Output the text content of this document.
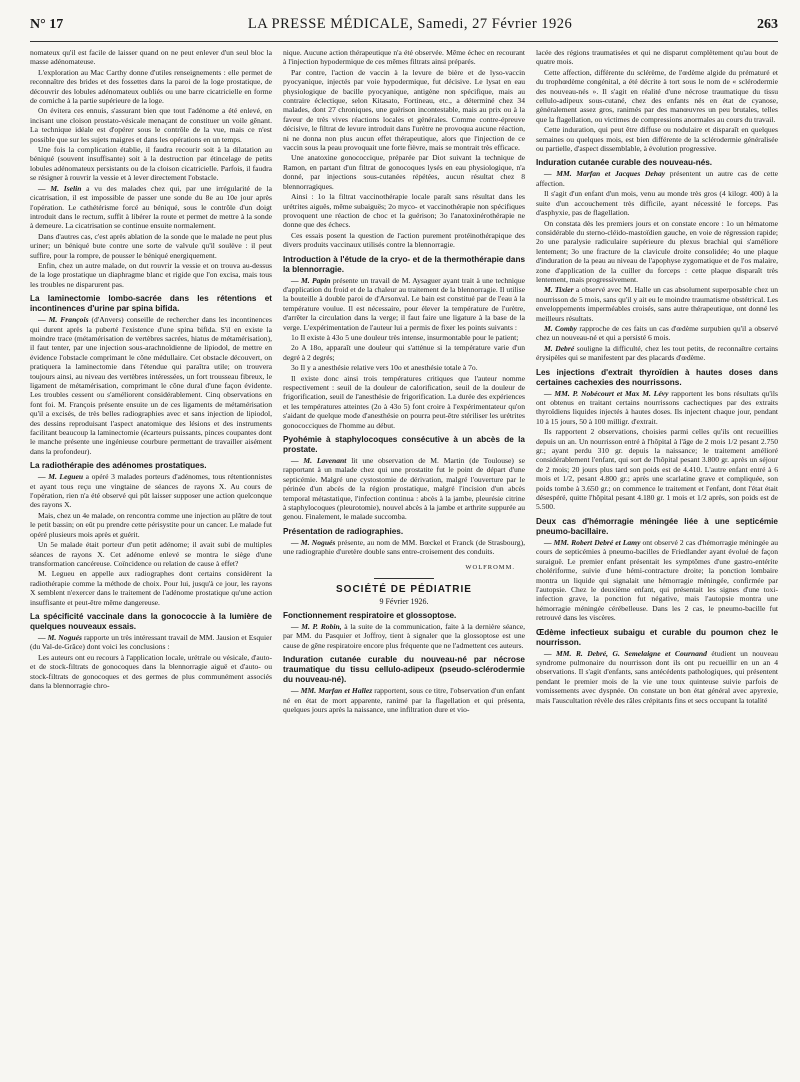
N° 17	LA PRESSE MÉDICALE, Samedi, 27 Février 1926	263

nomateux qu'il est facile de laisser quand on ne peut enlever d'un seul bloc la masse adénomateuse.

L'exploration au Mac Carthy donne d'utiles renseignements : elle permet de reconnaître des brides et des fossettes dans la paroi de la loge prostatique, de découvrir des lobules adénomateux oubliés ou une barre cicatricielle en forme de corniche à la partie supérieure de la loge.

On évitera ces ennuis, s'assurant bien que tout l'adénome a été enlevé, en incisant une cloison prostato-vésicale menaçant de constituer un voile gênant. La technique idéale est d'opérer sous le contrôle de la vue, mais ce n'est possible que sur les sujets maigres et dans les opérations en un temps.

Une fois la complication établie, il faudra recourir soit à la dilatation au béniqué (souvent insuffisante) soit à la destruction par étincelage de petits lobules adénomateux persistants ou de la cloison cicatricielle. Parfois, il faudra se résigner à rouvrir la vessie et à lever directement l'obstacle.

— M. Iselin a vu des malades chez qui, par une irrégularité de la cicatrisation, il est impossible de passer une sonde du 8e au 10e jour après l'opération. Le cathétérisme forcé au béniqué, sous le contrôle d'un doigt introduit dans le rectum, suffit à libérer la route et permet de mettre à la sonde à demeure. La cicatrisation se continue ensuite normalement.

Dans d'autres cas, c'est après ablation de la sonde que le malade ne peut plus uriner; un béniqué bute contre une sorte de valvule qu'il soulève : il peut suffire, pour la rompre, de pousser le béniqué energiquement.

Enfin, chez un autre malade, on dut rouvrir la vessie et on trouva au-dessus de la loge prostatique un diaphragme blanc et rigide que l'on excisa, mais tous les troubles ne disparurent pas.

La laminectomie lombo-sacrée dans les rétentions et incontinences d'urine par spina bifida.

— M. François (d'Anvers) conseille de rechercher dans les incontinences qui durent après la puberté l'existence d'une spina bifida. S'il en existe la moindre trace (métamérisation de vertèbres sacrées, hiatus de métamérisation), il faut tenter, par une injection sous-arachnoïdienne de lipiodol, de mettre en évidence l'obstacle comprimant le cône médullaire. Cet obstacle découvert, on pratiquera la laminectomie dans l'étendue qui paraîtra utile; on trouvera toujours ainsi, au niveau des vertèbres intéressées, un fort trousseau fibreux, le ligament de métamérisation, comprimant le cône dural d'une façon évidente. Les troubles cessent ou s'améliorent considérablement. Cinq observations en font foi. M. François présente ensuite un de ces ligaments de métamérisation qu'il a excisés, de très belles radiographies avec et sans injection de lipiodol, des dessins reproduisant l'aspect anatomique des lésions et des instruments facilitant beaucoup la laminectomie (écarteurs puissants, pinces coupantes dont le manche présente une ingénieuse courbure permettant de travailler aisément dans la profondeur).

La radiothérapie des adénomes prostatiques.

— M. Legueu a opéré 3 malades porteurs d'adénomes, tous rétentionnistes et ayant tous reçu une vingtaine de séances de rayons X. Au cours de l'opération, rien n'a été observé qui pût laisser supposer une action quelconque des rayons X.

Mais, chez un 4e malade, on rencontra comme une injection au plâtre de tout le petit bassin; on eût pu prendre cette périsystite pour un cancer. Le malade fut opéré plusieurs mois après et guérit.

Un 5e malade était porteur d'un petit adénome; il avait subi de multiples séances de rayons X. Cet adénome enlevé se montra le siège d'une transformation cancéreuse. Coïncidence ou relation de cause à effet?

M. Legueu en appelle aux radiographes dont certains considèrent la radiothérapie comme la méthode de choix. Pour lui, jusqu'à ce jour, les rayons X semblent n'exercer dans le traitement de l'adénome prostatique qu'une action insuffisante et peut-être même dangereuse.

La spécificité vaccinale dans la gonococcie à la lumière de quelques nouveaux essais.

— M. Nogués rapporte un très intéressant travail de MM. Jausion et Esquier (du Val-de-Grâce) dont voici les conclusions :

Les auteurs ont eu recours à l'application locale, urétrale ou vésicale, d'auto- et de stock-filtrats de gonocoques dans la blennorragie aiguë et d'auto- ou stock-filtrats de gonocoques et des germes de plus communément associés dans la blennorragie chro-

nique. Aucune action thérapeutique n'a été observée. Même échec en recourant à l'injection hypodermique de ces mêmes filtrats ainsi préparés.

Par contre, l'action de vaccin à la levure de bière et de lyso-vaccin pyocyanique, injectés par voie hypodermique, fut décisive. Le lysat en eau physiologique de bacille pyocyanique, antigène non spécifique, mais au contraire éclectique, selon Kitasato, Fortineau, etc., a déterminé chez 34 malades, dont 27 chroniques, une guérison incontestable, mais au prix ou à la faveur de très vives réactions locales et générales. Comme contre-épreuve décisive, le filtrat de levure introduit dans l'urètre ne provoqua aucune réaction, ni ne donna non plus aucun effet thérapeutique, alors que l'injection de ce vaccin sous la peau provoquait une forte fièvre, mais se montrait très efficace.

Une anatoxine gonococcique, préparée par Diot suivant la technique de Ramon, en partant d'un filtrat de gonocoques lysés en eau physiologique, n'a donné, par injections sous-cutanées répétées, aucun résultat chez 8 blennorragiques.

Ainsi : 1o la filtrat vaccinothérapie locale paraît sans résultat dans les urétrites aiguës, même subaiguës; 2o myco- et vaccinothérapie non spécifiques provoquent une réaction de choc et la guérison; 3o l'anatoxinérothérapie ne donne que des échecs.

Ces essais posent la question de l'action purement protéinothérapique des divers produits vaccinaux utilisés contre la blennorragie.

Introduction à l'étude de la cryo- et de la thermothérapie dans la blennorragie.

— M. Papin présente un travail de M. Aysaguer ayant trait à une technique d'application du froid et de la chaleur au traitement de la blennorragie. Il utilise la bouteille à double paroi de d'Arsonval. Le bain est constitué par de l'eau à la température voulue. Il est nécessaire, pour élever la température de l'urètre, d'arrêter la circulation dans la verge; il faut faire une ligature à la base de la verge. L'expérimentation de l'auteur lui a permis de fixer les points suivants :

1o Il existe à 43o 5 une douleur très intense, insurmontable pour le patient;

2o A 18o, apparaît une douleur qui s'atténue si la température varie d'un degré à 2 degrés;

3o Il y a anesthésie relative vers 10o et anesthésie totale à 7o.

Il existe donc ainsi trois températures critiques que l'auteur nomme respectivement : seuil de la douleur de calorification, seuil de la douleur de frigorification, seuil de l'anesthésie de frigorification. La durée des expériences et les températures atteintes (2o à 43o 5) font croire à l'expérimentateur qu'on s'aidant de quelque mode d'anesthésie on pourra peut-être stériliser les urétrites gonococciques de l'homme au début.

Pyohémie à staphylocoques consécutive à un abcès de la prostate.

— M. Lavenant lit une observation de M. Martin (de Toulouse) se rapportant à un malade chez qui une prostatite fut le point de départ d'une septicémie. Malgré une cystostomie de dérivation, malgré l'ouverture par le périnée d'un abcès de la région prostatique, malgré l'incision d'un abcès temporal métastatique, l'infection continua : abcès à la jambe, pleurésie citrine à staphylocoques (pleurotomie), nouvel abcès à la jambe et arthrite suppurée au genou. Finalement, le malade succomba.

Présentation de radiographies.

— M. Nogués présente, au nom de MM. Bœckel et Franck (de Strasbourg), une radiographie d'uretère double sans entre-croisement des conduits.

WOLFROMM.
SOCIÉTÉ DE PÉDIATRIE
9 Février 1926.
Fonctionnement respiratoire et glossoptose.

— M. P. Robin, à la suite de la communication, faite à la dernière séance, par MM. du Pasquier et Joffroy, tient à signaler que la glossoptose est une cause de gêne respiratoire encore plus fréquente que ne l'admettent ces auteurs.

Induration cutanée curable du nouveau-né par nécrose traumatique du tissu cellulo-adipeux (pseudo-sclérodermie du nouveau-né).

— MM. Marfan et Hallez rapportent, sous ce titre, l'observation d'un enfant né en état de mort apparente, ranimé par la flagellation et qui présenta, quelques jours après la naissance, une infiltration dure et vio-

lacée des régions traumatisées et qui ne disparut complètement qu'au bout de quatre mois.

Cette affection, différente du sclérème, de l'œdème algide du prématuré et du trophœdème congénital, a été décrite à tort sous le nom de « sclérodermie des nouveau-nés ». Il s'agit en réalité d'une nécrose traumatique du tissu cellulo-adipeux sous-cutané, chez des enfants nés en état de cyanose, généralement assez gros, ranimés par des manœuvres un peu brutales, telles que la flagellation, ou victimes de compressions anormales au cours du travail.

Cette induration, qui peut être diffuse ou nodulaire et disparaît en quelques semaines ou quelques mois, est bien différente de la sclérodermie généralisée ou partielle, d'aspect dissemblable, à évolution progressive.

Induration cutanée curable des nouveau-nés.

— MM. Marfan et Jacques Dehay présentent un autre cas de cette affection.

Il s'agit d'un enfant d'un mois, venu au monde très gros (4 kilogr. 400) à la suite d'un accouchement très difficile, ayant nécessité le forceps. Pas d'asphyxie, pas de flagellation.

On constata dès les premiers jours et on constate encore : 1o un hématome considérable du sterno-cléido-mastoïdien gauche, en voie de régression rapide; 2o une paralysie radiculaire supérieure du plexus brachial qui s'améliore lentement; 3o une fracture de la clavicule droite consolidée; 4o une plaque d'induration de la peau au niveau de l'apophyse zygomatique et de l'os malaire, zone d'application de la cuiller du forceps : cette plaque disparaît très lentement, mais progressivement.

M. Tixier a observé avec M. Halle un cas absolument superposable chez un nourrisson de 5 mois, sans qu'il y ait eu le moindre traumatisme obstétrical. Les enveloppements imperméables croisés, sans autre thérapeutique, ont donné les meilleurs résultats.

M. Comby rapproche de ces faits un cas d'œdème surpubien qu'il a observé chez un nouveau-né et qui a persisté 6 mois.

M. Debré souligne la difficulté, chez les tout petits, de reconnaître certains érysipèles qui se manifestent par des placards d'œdème.

Les injections d'extrait thyroïdien à hautes doses dans certaines cachexies des nourrissons.

— MM. P. Nobécourt et Max M. Lévy rapportent les bons résultats qu'ils ont obtenus en traitant certains nourrissons cachectiques par des extraits thyroïdiens liquides injectés à hautes doses. Ils injectent chaque jour, pendant 10 à 15 jours, 50 à 100 milligr. d'extrait.

Ils rapportent 2 observations, choisies parmi celles qu'ils ont recueillies depuis un an. Un nourrisson entré à l'hôpital à l'âge de 2 mois 1/2 pesant 2.750 gr.; ayant perdu 310 gr. depuis la naissance; le traitement amélioré considérablement l'enfant, qui sort de l'hôpital pesant 3.800 gr. après un séjour de 2 mois; 20 jours plus tard son poids est de 4.410. L'autre enfant entré à 6 mois et 1/2, pesant 4.800 gr.; après une scarlatine grave et compliquée, son poids tombe à 3.650 gr.; on commence le traitement et l'enfant, dont l'état était désespéré, quitte l'hôpital pesant 4.180 gr. 1 mois et 1/2 après, son poids est de 5.500.

Deux cas d'hémorragie méningée liée à une septicémie pneumo-bacillaire.

— MM. Robert Debré et Lamy ont observé 2 cas d'hémorragie méningée au cours de septicémies à pneumo-bacilles de Friedlander ayant évolué de façon suraiguë. Le premier enfant présentait les symptômes d'une gastro-entérite cholériforme, suivie d'une hémi-contracture droite; la ponction lombaire montra un liquide qui signalait une hémorragie méningée, confirmée par l'autopsie. Chez le deuxième enfant, qui présentait les signes d'une toxi-infection grave, la ponction fut négative, mais l'autopsie montra une hémorragie méningée cérébelleuse. Dans les 2 cas, le pneumo-bacille fut retrouvé dans les viscères.

Œdème infectieux subaigu et curable du poumon chez le nourrisson.

— MM. R. Debré, G. Semelaigne et Cournand étudient un nouveau syndrome pulmonaire du nourrisson dont ils ont pu recueillir en un an 4 observations. Il s'agit d'enfants, sans antécédents pathologiques, qui présentent pendant le premier mois de la vie une toux quinteuse suivie parfois de vomissements avec dyspnée. On constate un bon état général avec apyrexie, mais l'auscultation révèle des râles crépitants fins et secs occupant la totalité
